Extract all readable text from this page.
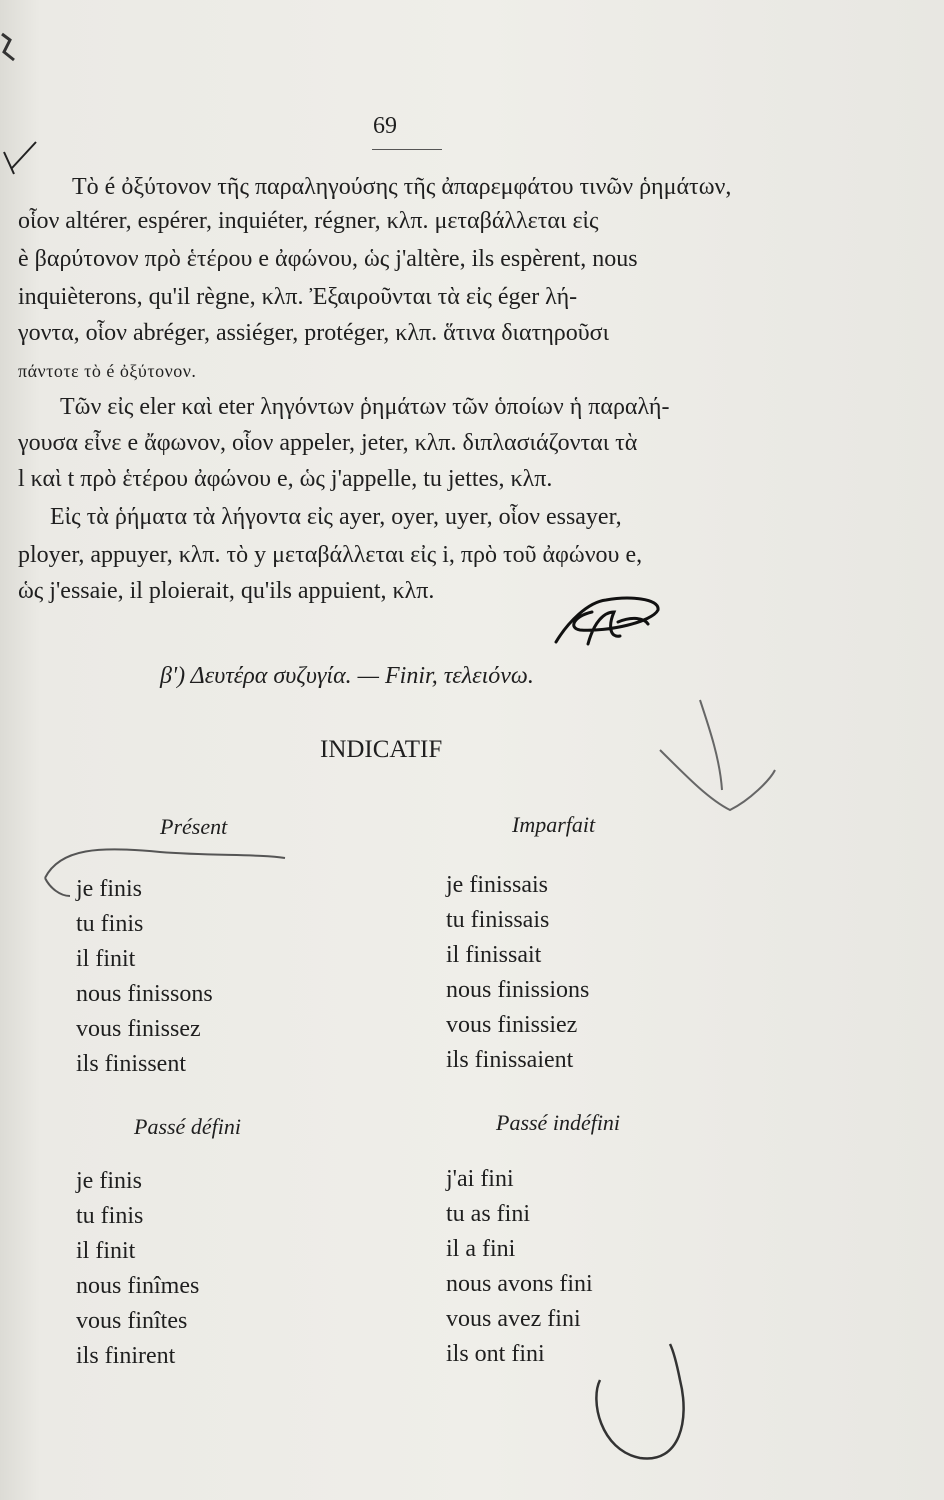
69
Τὸ é ὀξύτονον τῆς παραληγούσης τῆς ἀπαρεμφάτου τινῶν ῥημάτων,
οἷον altérer, espérer, inquiéter, régner, κλπ. μεταβάλλεται εἰς
è βαρύτονον πρὸ ἑτέρου e ἀφώνου, ὡς j'altère, ils espèrent, nous
inquièterons, qu'il règne, κλπ. Ἐξαιροῦνται τὰ εἰς éger λή-
γοντα, οἷον abréger, assiéger, protéger, κλπ. ἅτινα διατηροῦσι
πάντοτε τὸ é ὀξύτονον.
Τῶν εἰς eler καὶ eter ληγόντων ῥημάτων τῶν ὁποίων ἡ παραλή-
γουσα εἶνε e ἄφωνον, οἷον appeler, jeter, κλπ. διπλασιάζονται τὰ
l καὶ t πρὸ ἑτέρου ἀφώνου e, ὡς j'appelle, tu jettes, κλπ.
Εἰς τὰ ῥήματα τὰ λήγοντα εἰς ayer, oyer, uyer, οἷον essayer,
ployer, appuyer, κλπ. τὸ y μεταβάλλεται εἰς i, πρὸ τοῦ ἀφώνου e,
ὡς j'essaie, il ploierait, qu'ils appuient, κλπ.
β') Δευτέρα συζυγία. — Finir, τελειόνω.
INDICATIF
Présent	Imparfait
je finis
tu finis
il finit
nous finissons
vous finissez
ils finissent
je finissais
tu finissais
il finissait
nous finissions
vous finissiez
ils finissaient
Passé défini	Passé indéfini
je finis
tu finis
il finit
nous finîmes
vous finîtes
ils finirent
j'ai fini
tu as fini
il a fini
nous avons fini
vous avez fini
ils ont fini
